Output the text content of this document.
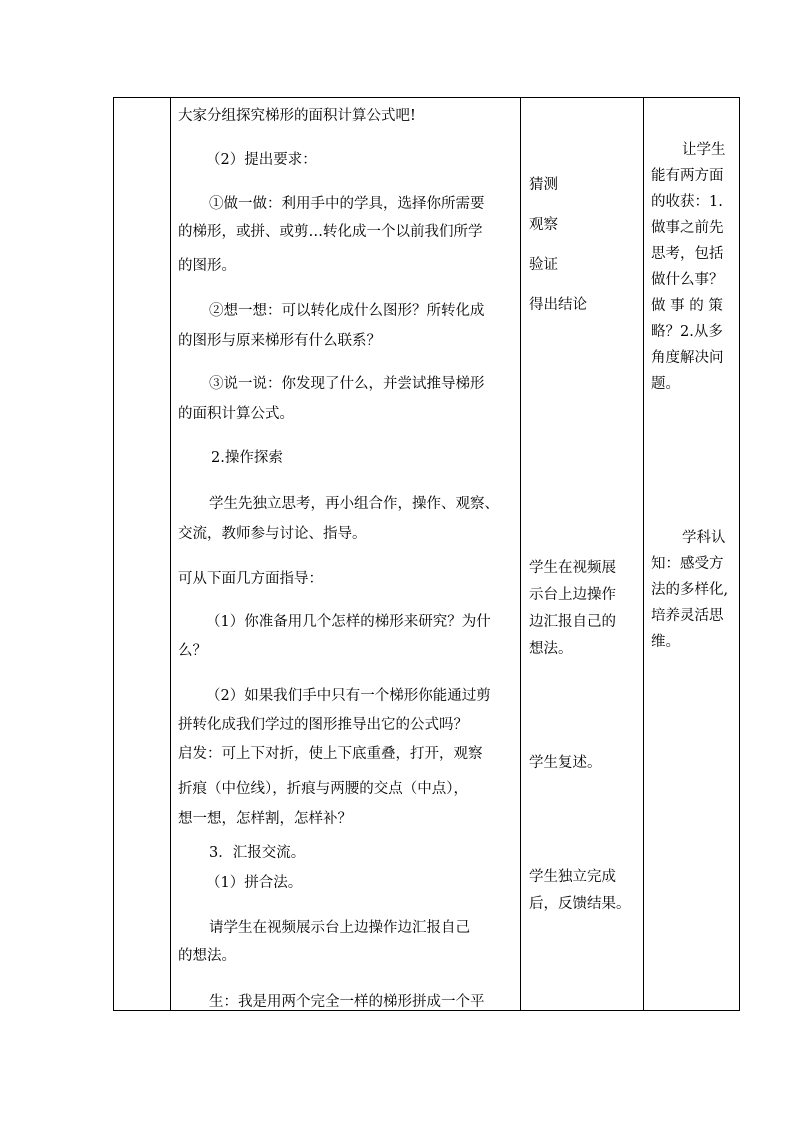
大家分组探究梯形的面积计算公式吧!
（2）提出要求：
①做一做：利用手中的学具，选择你所需要
的梯形，或拼、或剪…转化成一个以前我们所学
的图形。
②想一想：可以转化成什么图形？所转化成
的图形与原来梯形有什么联系？
③说一说：你发现了什么，并尝试推导梯形
的面积计算公式。
2.操作探索
学生先独立思考，再小组合作，操作、观察、
交流，教师参与讨论、指导。
可从下面几方面指导：
（1）你准备用几个怎样的梯形来研究？为什
么？
（2）如果我们手中只有一个梯形你能通过剪
拼转化成我们学过的图形推导出它的公式吗？
启发：可上下对折，使上下底重叠，打开，观察
折痕（中位线），折痕与两腰的交点（中点），
想一想，怎样割，怎样补？
3．汇报交流。
（1）拼合法。
请学生在视频展示台上边操作边汇报自己
的想法。
生：我是用两个完全一样的梯形拼成一个平
猜测
观察
验证
得出结论
学生在视频展
示台上边操作
边汇报自己的
想法。
学生复述。
学生独立完成
后，反馈结果。
让学生
能有两方面
的收获：1.
做事之前先
思考，包括
做什么事？
做 事 的 策
略？2.从多
角度解决问
题。
学科认
知：感受方
法的多样化,
培养灵活思
维。
